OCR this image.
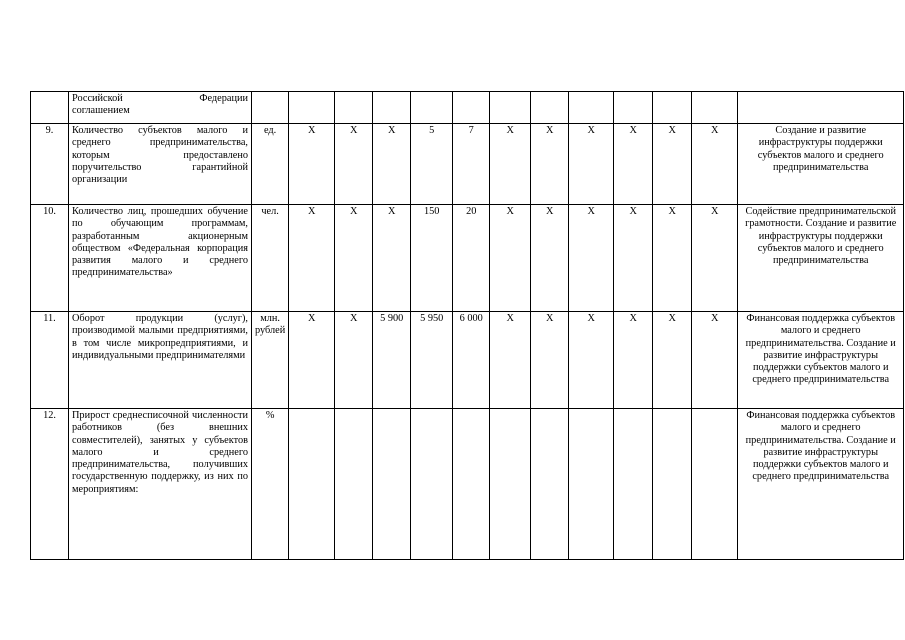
	Российской Федерации
соглашением													

9.	Количество субъектов малого и среднего предпринимательства, которым предоставлено поручительство гарантийной организации	ед.	X	X	X	5	7	X	X	X	X	X	X	Создание и развитие инфраструктуры поддержки субъектов малого и среднего предпринимательства
10.	Количество лиц, прошедших обучение по обучающим программам, разработанным акционерным обществом «Федеральная корпорация развития малого и среднего предпринимательства»	чел.	X	X	X	150	20	X	X	X	X	X	X	Содействие предпринимательской грамотности. Создание и развитие инфраструктуры поддержки субъектов малого и среднего предпринимательства
11.	Оборот продукции (услуг), производимой малыми предприятиями, в том числе микропредприятиями, и индивидуальными предпринимателями	млн. рублей	X	X	5 900	5 950	6 000	X	X	X	X	X	X	Финансовая поддержка субъектов малого и среднего предпринимательства. Создание и развитие инфраструктуры поддержки субъектов малого и среднего предпринимательства
12.	Прирост среднесписочной численности работников (без внешних совместителей), занятых у субъектов малого и среднего предпринимательства, получивших государственную поддержку, из них по мероприятиям:	%												Финансовая поддержка субъектов малого и среднего предпринимательства. Создание и развитие инфраструктуры поддержки субъектов малого и среднего предпринимательства
